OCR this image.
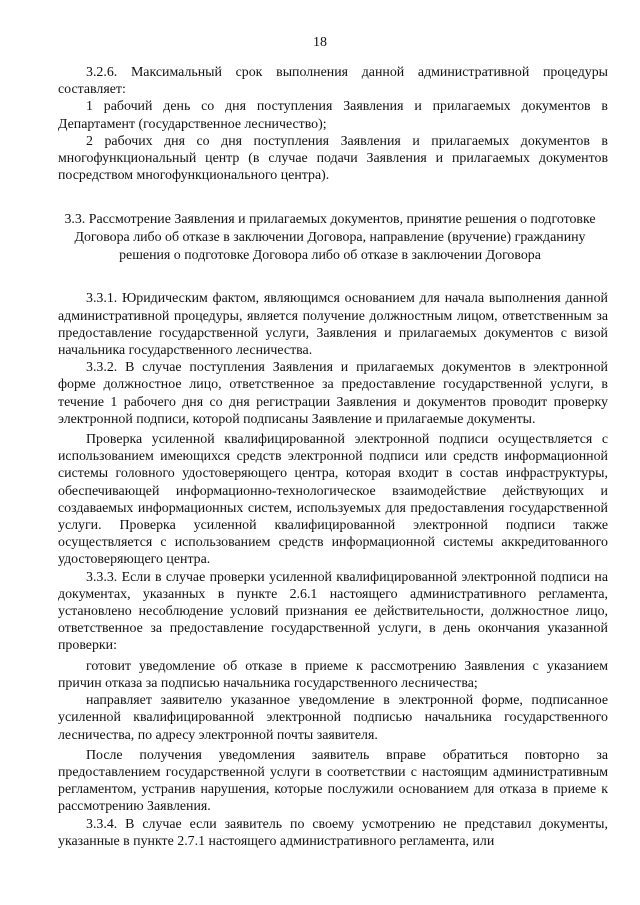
18

3.2.6. Максимальный срок выполнения данной административной процедуры составляет:

1 рабочий день со дня поступления Заявления и прилагаемых документов в Департамент (государственное лесничество);

2 рабочих дня со дня поступления Заявления и прилагаемых документов в многофункциональный центр (в случае подачи Заявления и прилагаемых документов посредством многофункционального центра).

3.3. Рассмотрение Заявления и прилагаемых документов, принятие решения о подготовке Договора либо об отказе в заключении Договора, направление (вручение) гражданину решения о подготовке Договора либо об отказе в заключении Договора

3.3.1. Юридическим фактом, являющимся основанием для начала выполнения данной административной процедуры, является получение должностным лицом, ответственным за предоставление государственной услуги, Заявления и прилагаемых документов с визой начальника государственного лесничества.

3.3.2. В случае поступления Заявления и прилагаемых документов в электронной форме должностное лицо, ответственное за предоставление государственной услуги, в течение 1 рабочего дня со дня регистрации Заявления и документов проводит проверку электронной подписи, которой подписаны Заявление и прилагаемые документы.

Проверка усиленной квалифицированной электронной подписи осуществляется с использованием имеющихся средств электронной подписи или средств информационной системы головного удостоверяющего центра, которая входит в состав инфраструктуры, обеспечивающей информационно-технологическое взаимодействие действующих и создаваемых информационных систем, используемых для предоставления государственной услуги. Проверка усиленной квалифицированной электронной подписи также осуществляется с использованием средств информационной системы аккредитованного удостоверяющего центра.

3.3.3. Если в случае проверки усиленной квалифицированной электронной подписи на документах, указанных в пункте 2.6.1 настоящего административного регламента, установлено несоблюдение условий признания ее действительности, должностное лицо, ответственное за предоставление государственной услуги, в день окончания указанной проверки:

готовит уведомление об отказе в приеме к рассмотрению Заявления с указанием причин отказа за подписью начальника государственного лесничества;

направляет заявителю указанное уведомление в электронной форме, подписанное усиленной квалифицированной электронной подписью начальника государственного лесничества, по адресу электронной почты заявителя.

После получения уведомления заявитель вправе обратиться повторно за предоставлением государственной услуги в соответствии с настоящим административным регламентом, устранив нарушения, которые послужили основанием для отказа в приеме к рассмотрению Заявления.

3.3.4. В случае если заявитель по своему усмотрению не представил документы, указанные в пункте 2.7.1 настоящего административного регламента, или
